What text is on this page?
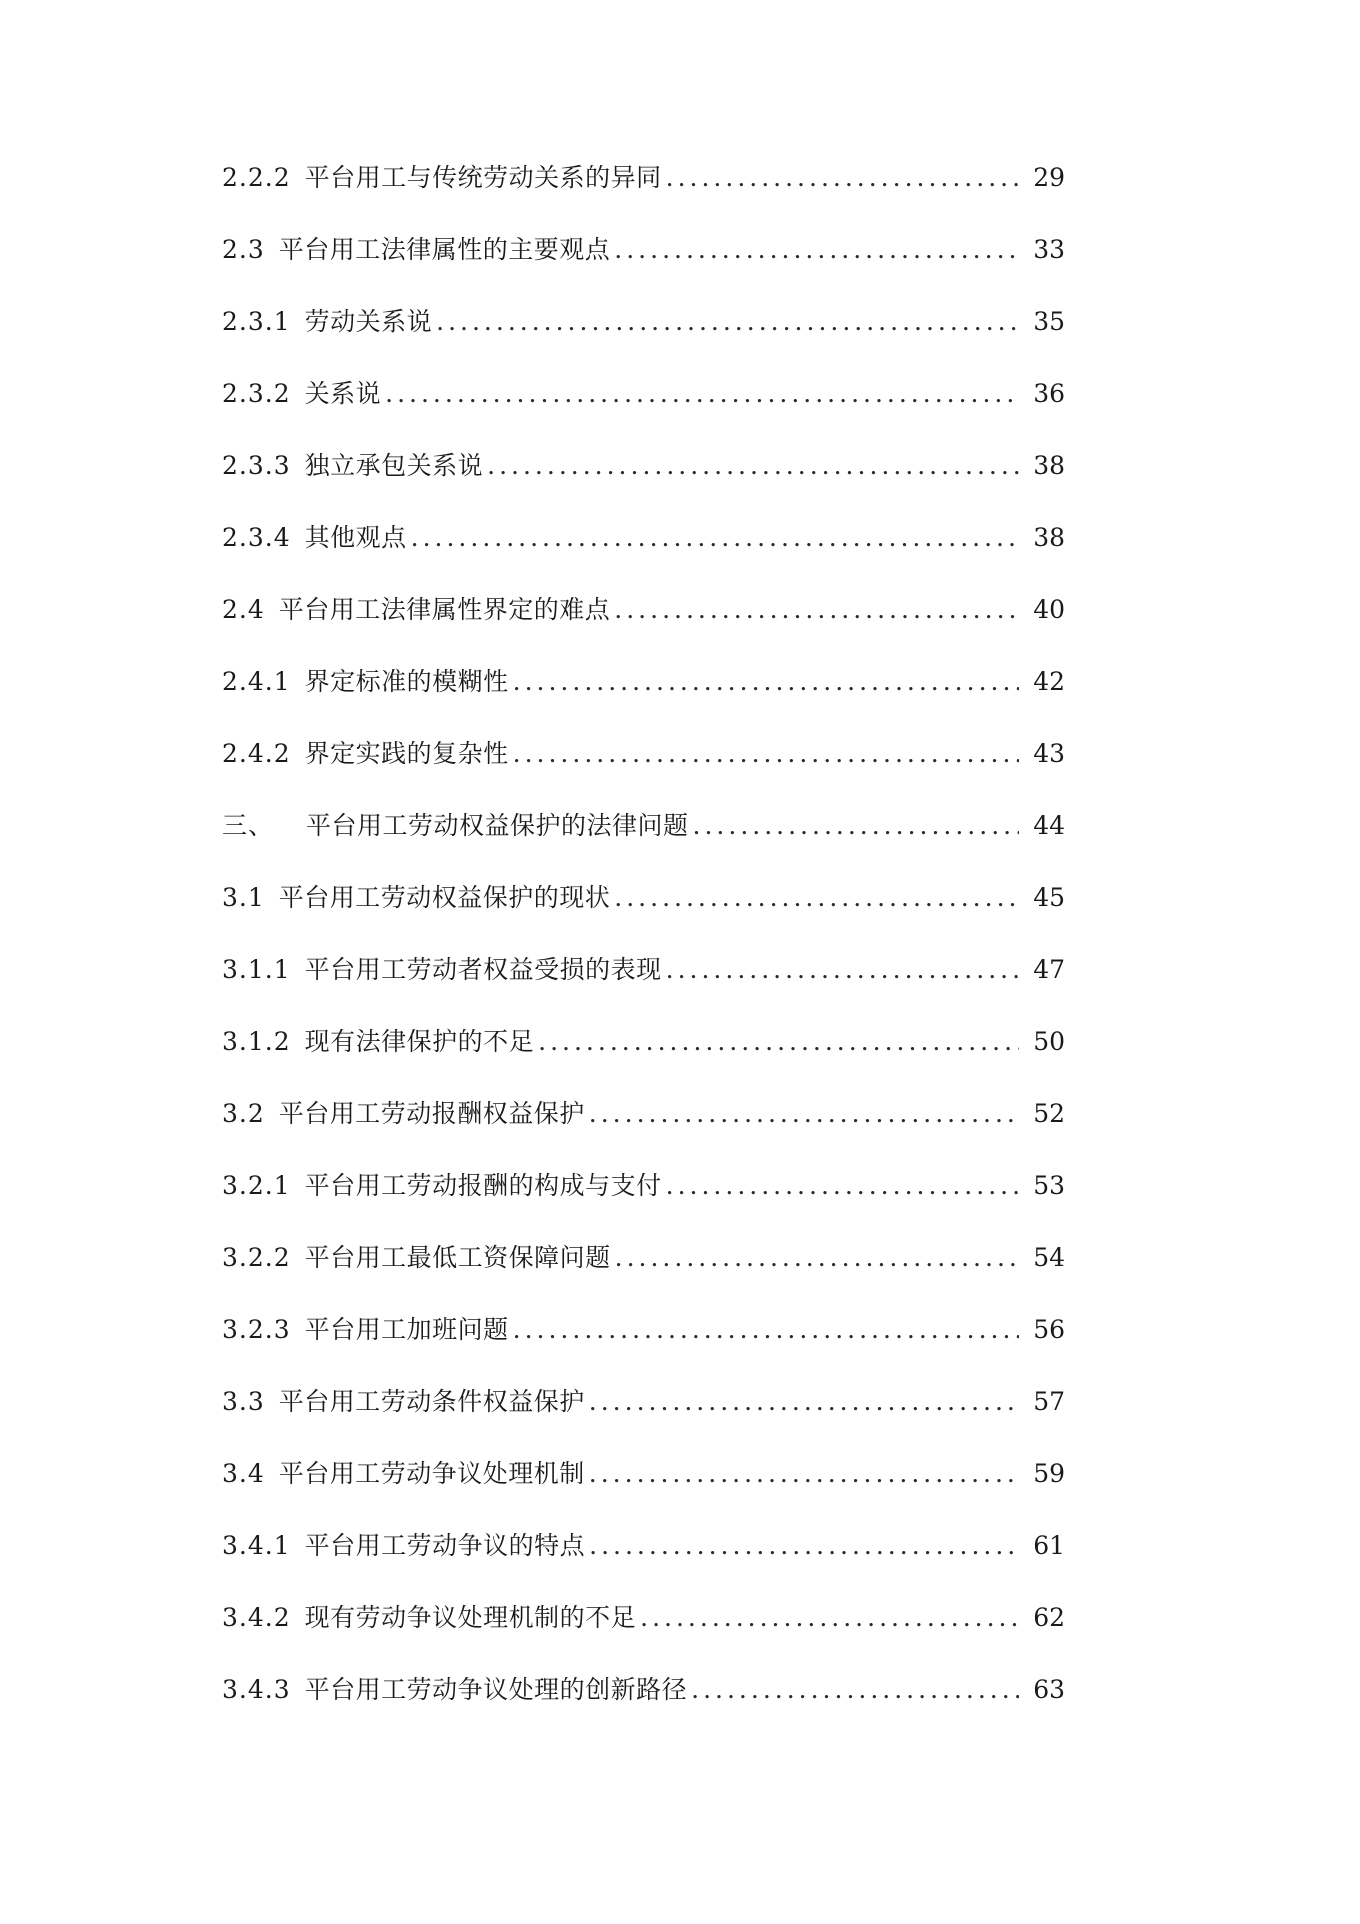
2.2.2 平台用工与传统劳动关系的异同 .....	29
2.3 平台用工法律属性的主要观点 .....	33
2.3.1 劳动关系说 .....	35
2.3.2 关系说 .....	36
2.3.3 独立承包关系说 .....	38
2.3.4 其他观点 .....	38
2.4 平台用工法律属性界定的难点 .....	40
2.4.1 界定标准的模糊性 .....	42
2.4.2 界定实践的复杂性 .....	43
三、 平台用工劳动权益保护的法律问题 .....	44
3.1 平台用工劳动权益保护的现状 .....	45
3.1.1 平台用工劳动者权益受损的表现 .....	47
3.1.2 现有法律保护的不足 .....	50
3.2 平台用工劳动报酬权益保护 .....	52
3.2.1 平台用工劳动报酬的构成与支付 .....	53
3.2.2 平台用工最低工资保障问题 .....	54
3.2.3 平台用工加班问题 .....	56
3.3 平台用工劳动条件权益保护 .....	57
3.4 平台用工劳动争议处理机制 .....	59
3.4.1 平台用工劳动争议的特点 .....	61
3.4.2 现有劳动争议处理机制的不足 .....	62
3.4.3 平台用工劳动争议处理的创新路径 .....	63
